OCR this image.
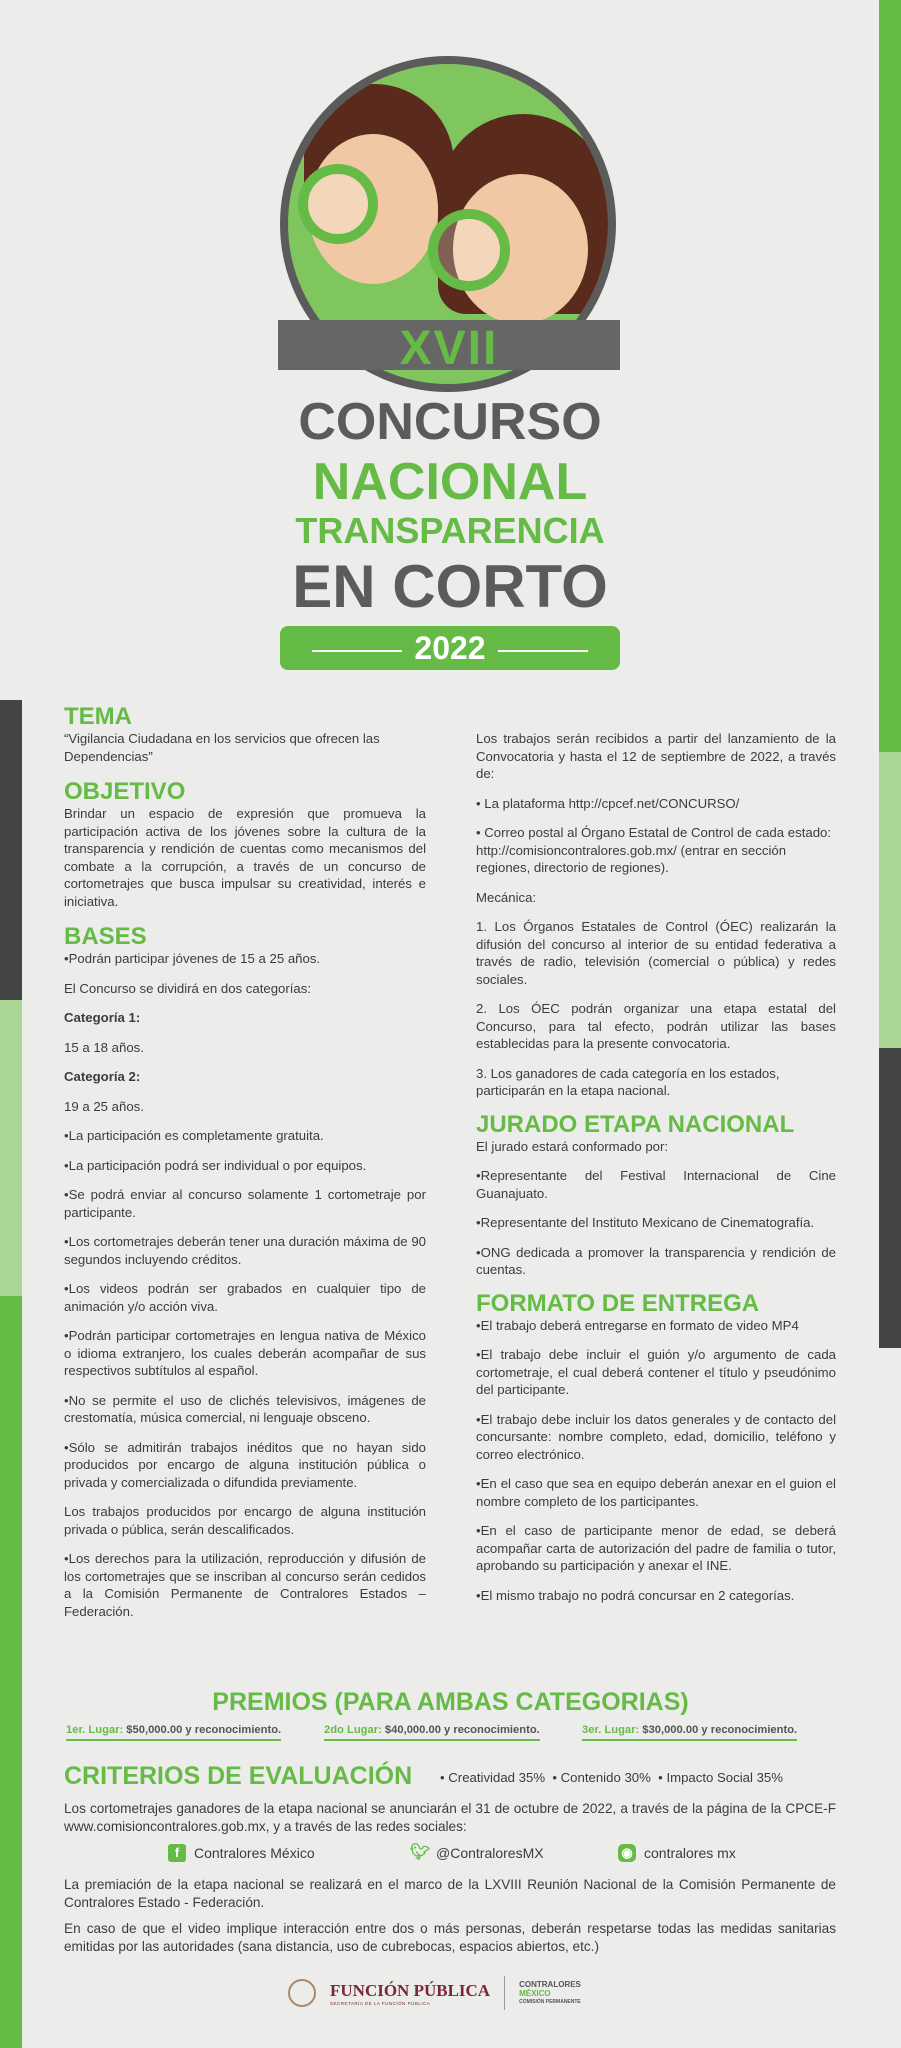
XVII
CONCURSO
NACIONAL
TRANSPARENCIA
EN CORTO
2022
TEMA

“Vigilancia Ciudadana en los servicios que ofrecen las Dependencias”

OBJETIVO

Brindar un espacio de expresión que promueva la participación activa de los jóvenes sobre la cultura de la transparencia y rendición de cuentas como mecanismos del combate a la corrupción, a través de un concurso de cortometrajes que busca impulsar su creatividad, interés e iniciativa.

BASES

•Podrán participar jóvenes de 15 a 25 años.

El Concurso se dividirá en dos categorías:

Categoría 1:

15 a 18 años.

Categoría 2:

19 a 25 años.

•La participación es completamente gratuita.

•La participación podrá ser individual o por equipos.

•Se podrá enviar al concurso solamente 1 cortometraje por participante.

•Los cortometrajes deberán tener una duración máxima de 90 segundos incluyendo créditos.

•Los videos podrán ser grabados en cualquier tipo de animación y/o acción viva.

•Podrán participar cortometrajes en lengua nativa de México o idioma extranjero, los cuales deberán acompañar de sus respectivos subtítulos al español.

•No se permite el uso de clichés televisivos, imágenes de crestomatía, música comercial, ni lenguaje obsceno.

•Sólo se admitirán trabajos inéditos que no hayan sido producidos por encargo de alguna institución pública o privada y comercializada o difundida previamente.

Los trabajos producidos por encargo de alguna institución privada o pública, serán descalificados.

•Los derechos para la utilización, reproducción y difusión de los cortometrajes que se inscriban al concurso serán cedidos a la Comisión Permanente de Contralores Estados – Federación.

Los trabajos serán recibidos a partir del lanzamiento de la Convocatoria y hasta el 12 de septiembre de 2022, a través de:

• La plataforma http://cpcef.net/CONCURSO/

• Correo postal al Órgano Estatal de Control de cada estado: http://comisioncontralores.gob.mx/ (entrar en sección regiones, directorio de regiones).

Mecánica:

1. Los Órganos Estatales de Control (ÓEC) realizarán la difusión del concurso al interior de su entidad federativa a través de radio, televisión (comercial o pública) y redes sociales.

2. Los ÓEC podrán organizar una etapa estatal del Concurso, para tal efecto, podrán utilizar las bases establecidas para la presente convocatoria.

3. Los ganadores de cada categoría en los estados, participarán en la etapa nacional.

JURADO ETAPA NACIONAL

El jurado estará conformado por:

•Representante del Festival Internacional de Cine Guanajuato.

•Representante del Instituto Mexicano de Cinematografía.

•ONG dedicada a promover la transparencia y rendición de cuentas.

FORMATO DE ENTREGA

•El trabajo deberá entregarse en formato de video MP4

•El trabajo debe incluir el guión y/o argumento de cada cortometraje, el cual deberá contener el título y pseudónimo del participante.

•El trabajo debe incluir los datos generales y de contacto del concursante: nombre completo, edad, domicilio, teléfono y correo electrónico.

•En el caso que sea en equipo deberán anexar en el guion el nombre completo de los participantes.

•En el caso de participante menor de edad, se deberá acompañar carta de autorización del padre de familia o tutor, aprobando su participación y anexar el INE.

•El mismo trabajo no podrá concursar en 2 categorías.

PREMIOS (PARA AMBAS CATEGORIAS)
1er. Lugar: $50,000.00 y reconocimiento.	2do Lugar: $40,000.00 y reconocimiento.	3er. Lugar: $30,000.00 y reconocimiento.
CRITERIOS DE EVALUACIÓN • Creatividad 35%  • Contenido 30%  • Impacto Social 35%
Los cortometrajes ganadores de la etapa nacional se anunciarán el 31 de octubre de 2022, a través de la página de la CPCE-F www.comisioncontralores.gob.mx, y a través de las redes sociales:
f	Contralores México	🐦︎ @ContraloresMX	◉ contralores mx
La premiación de la etapa nacional se realizará en el marco de la LXVIII Reunión Nacional de la Comisión Permanente de Contralores Estado - Federación.
En caso de que el video implique interacción entre dos o más personas, deberán respetarse todas las medidas sanitarias emitidas por las autoridades (sana distancia, uso de cubrebocas, espacios abiertos, etc.)
FUNCIÓN PÚBLICA
SECRETARÍA DE LA FUNCIÓN PÚBLICA
CONTRALORES
MÉXICO
COMISIÓN PERMANENTE
